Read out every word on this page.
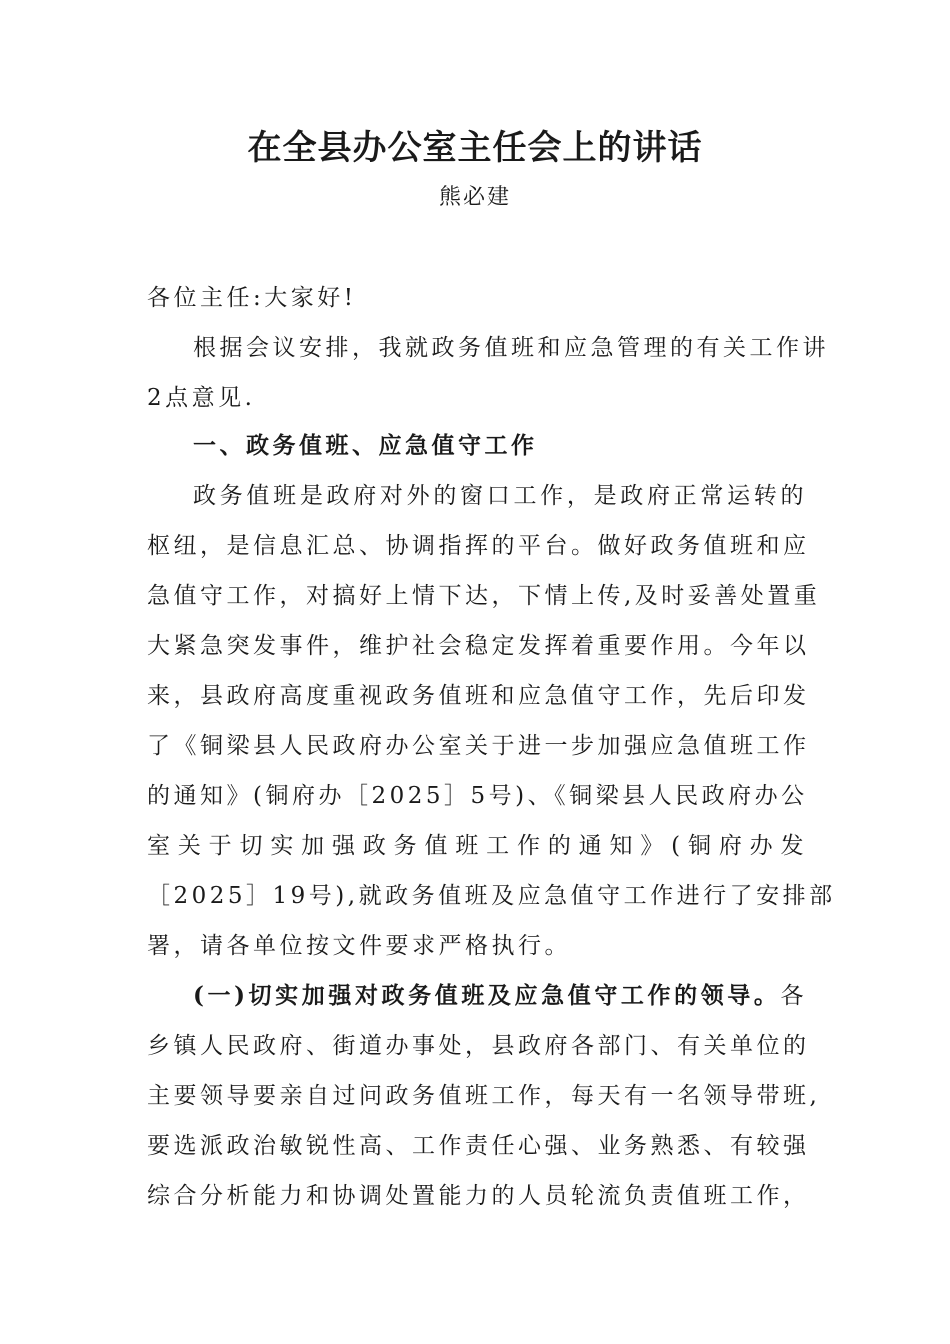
在全县办公室主任会上的讲话
熊必建
各位主任:大家好!
根据会议安排，我就政务值班和应急管理的有关工作讲
2点意见.
一、政务值班、应急值守工作
政务值班是政府对外的窗口工作，是政府正常运转的
枢纽，是信息汇总、协调指挥的平台。做好政务值班和应
急值守工作，对搞好上情下达，下情上传,及时妥善处置重
大紧急突发事件，维护社会稳定发挥着重要作用。今年以
来，县政府高度重视政务值班和应急值守工作，先后印发
了《铜梁县人民政府办公室关于进一步加强应急值班工作
的通知》(铜府办［2025］5号)、《铜梁县人民政府办公
室关于切实加强政务值班工作的通知》(铜府办发
［2025］19号),就政务值班及应急值守工作进行了安排部
署，请各单位按文件要求严格执行。
(一)切实加强对政务值班及应急值守工作的领导。各
乡镇人民政府、街道办事处，县政府各部门、有关单位的
主要领导要亲自过问政务值班工作，每天有一名领导带班,
要选派政治敏锐性高、工作责任心强、业务熟悉、有较强
综合分析能力和协调处置能力的人员轮流负责值班工作，
